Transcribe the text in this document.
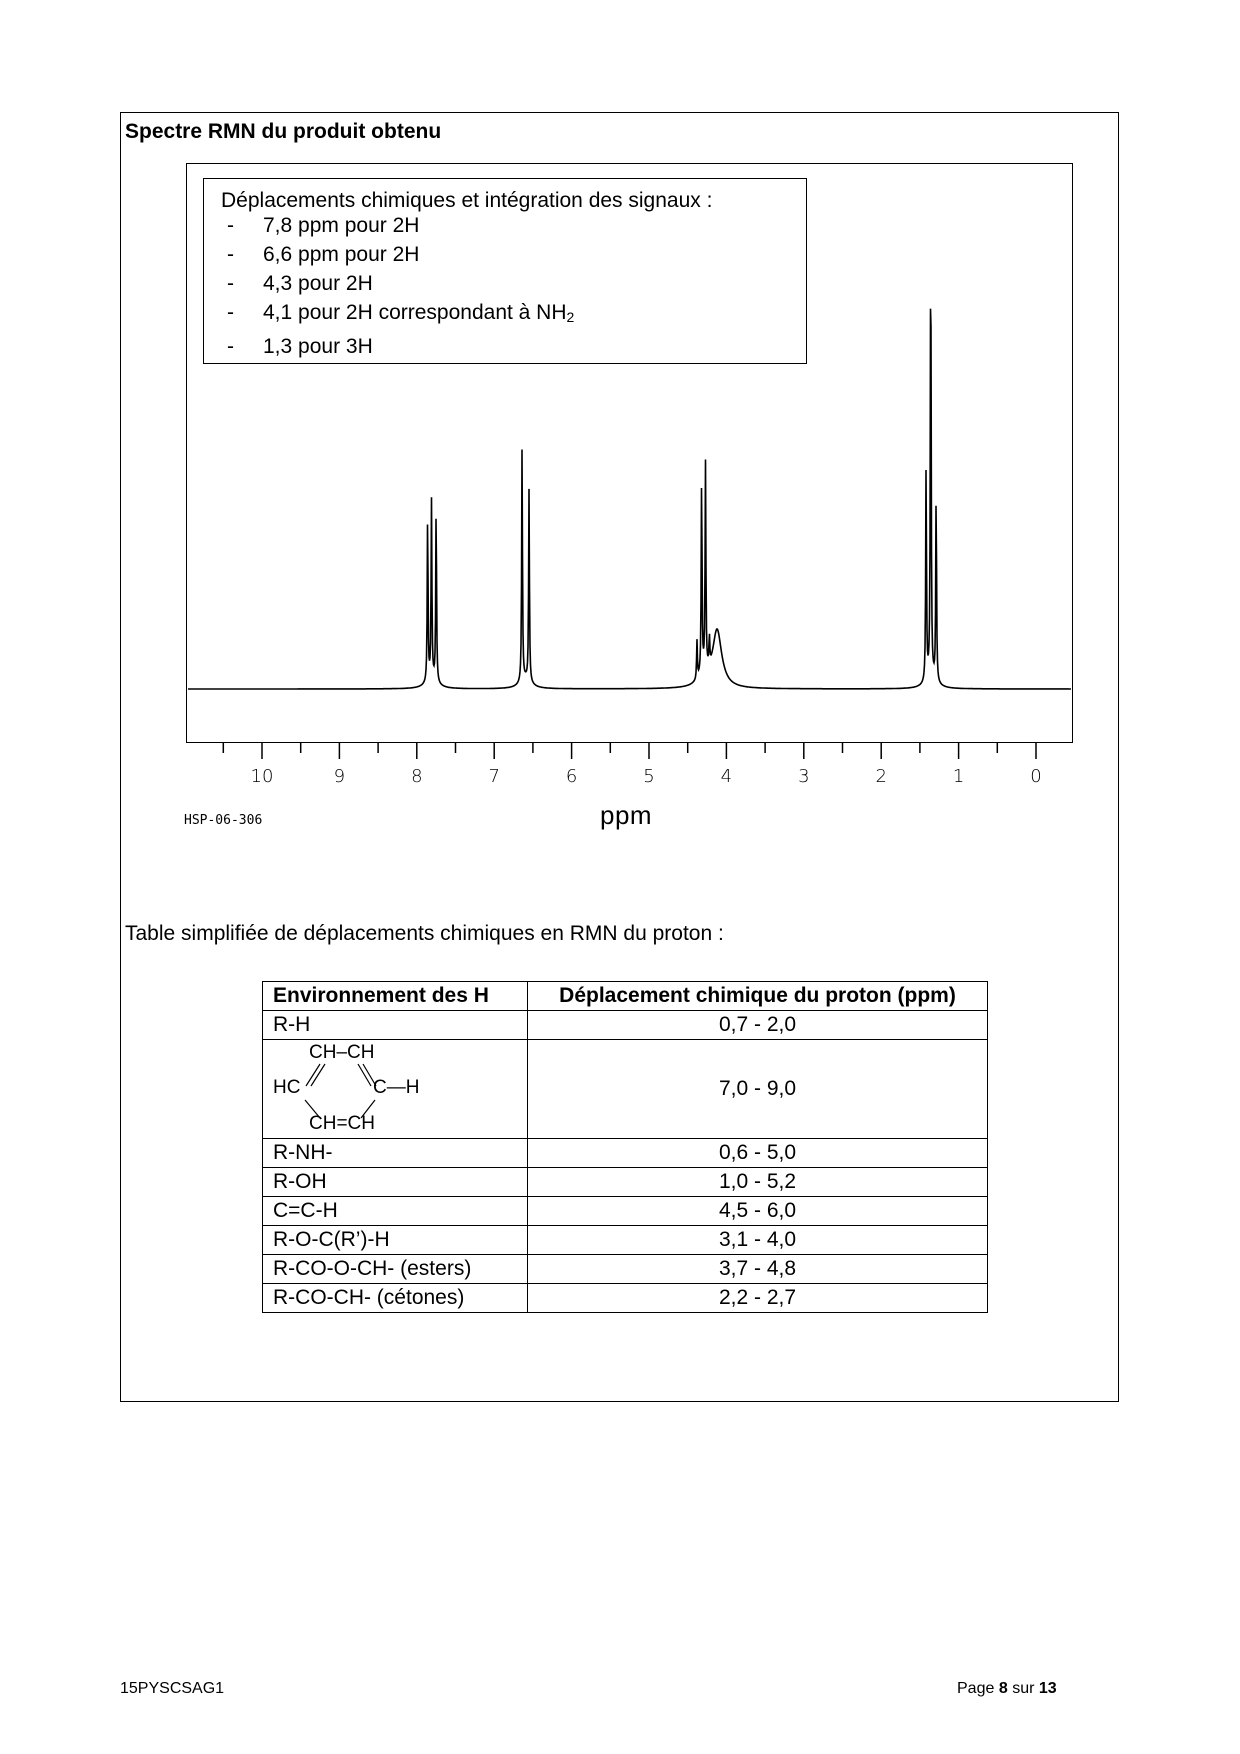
Spectre RMN du produit obtenu
10	9	8	7	6	5	4	3	2	1	0
Déplacements chimiques et intégration des signaux :
- 7,8 ppm pour 2H
- 6,6 ppm pour 2H
- 4,3 pour 2H
- 4,1 pour 2H correspondant à $NH_2$
- 1,3 pour 3H
HSP-06-306	ppm
Table simplifiée de déplacements chimiques en RMN du proton :
Environnement des H	Déplacement chimique du proton (ppm)
R-H	0,7 - 2,0

CH–CH
HC C—H
CH=CH	7,0 - 9,0
R-NH-	0,6 - 5,0
R-OH	1,0 - 5,2
C=C-H	4,5 - 6,0
R-O-C(R’)-H	3,1 - 4,0
R-CO-O-CH- (esters)	3,7 - 4,8
R-CO-CH- (cétones)	2,2 - 2,7
15PYSCSAG1	Page 8 sur 13
